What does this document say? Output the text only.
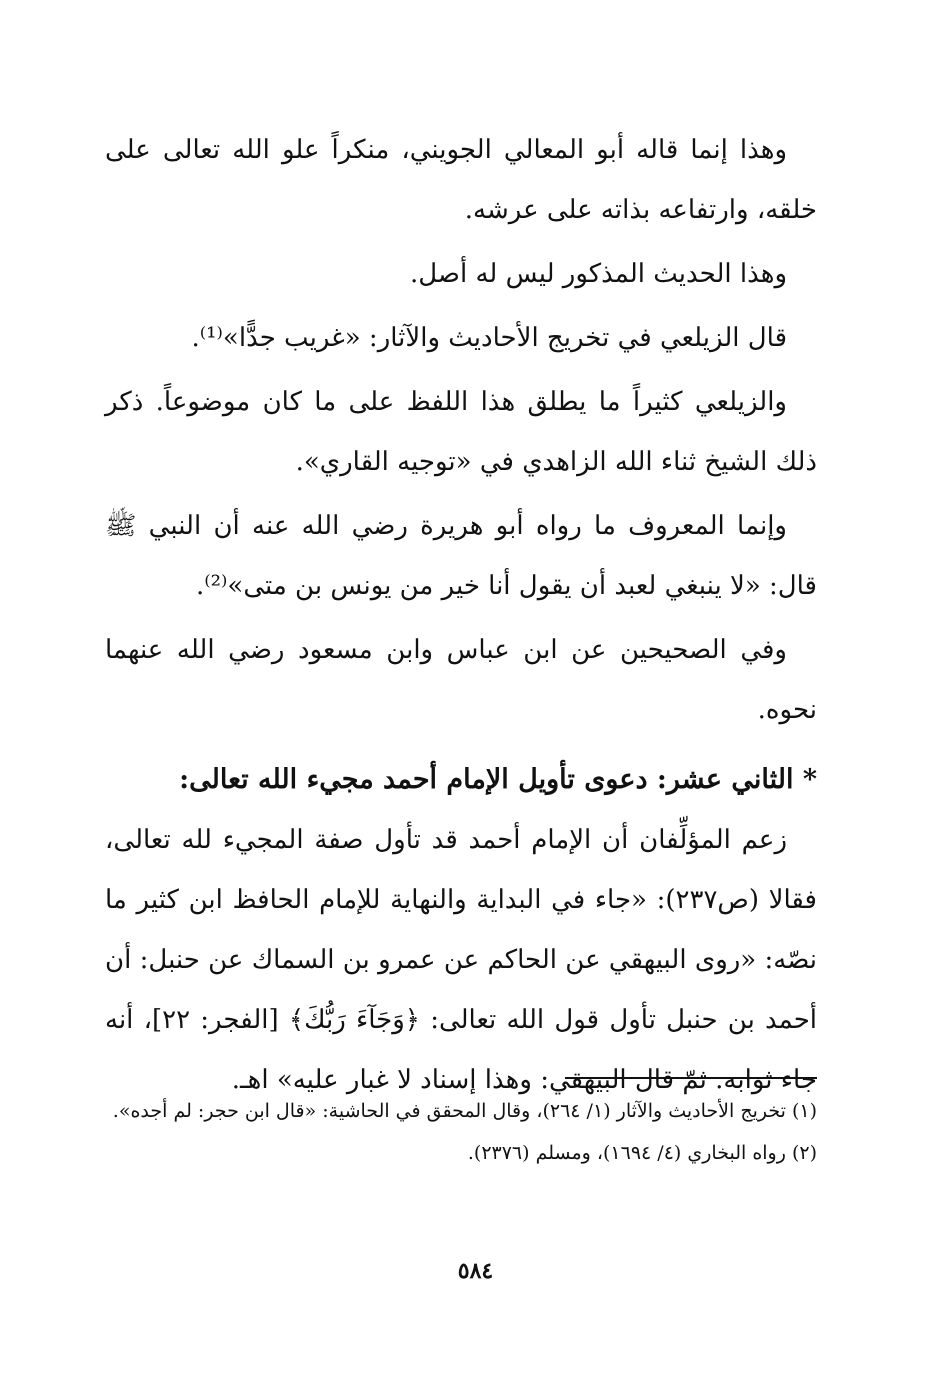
وهذا إنما قاله أبو المعالي الجويني، منكراً علو الله تعالى على خلقه، وارتفاعه بذاته على عرشه.

وهذا الحديث المذكور ليس له أصل.

قال الزيلعي في تخريج الأحاديث والآثار: «غريب جدًّا»⁽¹⁾.

والزيلعي كثيراً ما يطلق هذا اللفظ على ما كان موضوعاً. ذكر ذلك الشيخ ثناء الله الزاهدي في «توجيه القاري».

وإنما المعروف ما رواه أبو هريرة رضي الله عنه أن النبي ﷺ قال: «لا ينبغي لعبد أن يقول أنا خير من يونس بن متى»⁽²⁾.

وفي الصحيحين عن ابن عباس وابن مسعود رضي الله عنهما نحوه.

* الثاني عشر: دعوى تأويل الإمام أحمد مجيء الله تعالى:

زعم المؤلِّفان أن الإمام أحمد قد تأول صفة المجيء لله تعالى، فقالا (ص٢٣٧): «جاء في البداية والنهاية للإمام الحافظ ابن كثير ما نصّه: «روى البيهقي عن الحاكم عن عمرو بن السماك عن حنبل: أن أحمد بن حنبل تأول قول الله تعالى: ﴿وَجَآءَ رَبُّكَ﴾ [الفجر: ٢٢]، أنه جاء ثوابه. ثمّ قال البيهقي: وهذا إسناد لا غبار عليه» اهـ.

(١) تخريج الأحاديث والآثار (١/ ٢٦٤)، وقال المحقق في الحاشية: «قال ابن حجر: لم أجده».

(٢) رواه البخاري (٤/ ١٦٩٤)، ومسلم (٢٣٧٦).

٥٨٤
